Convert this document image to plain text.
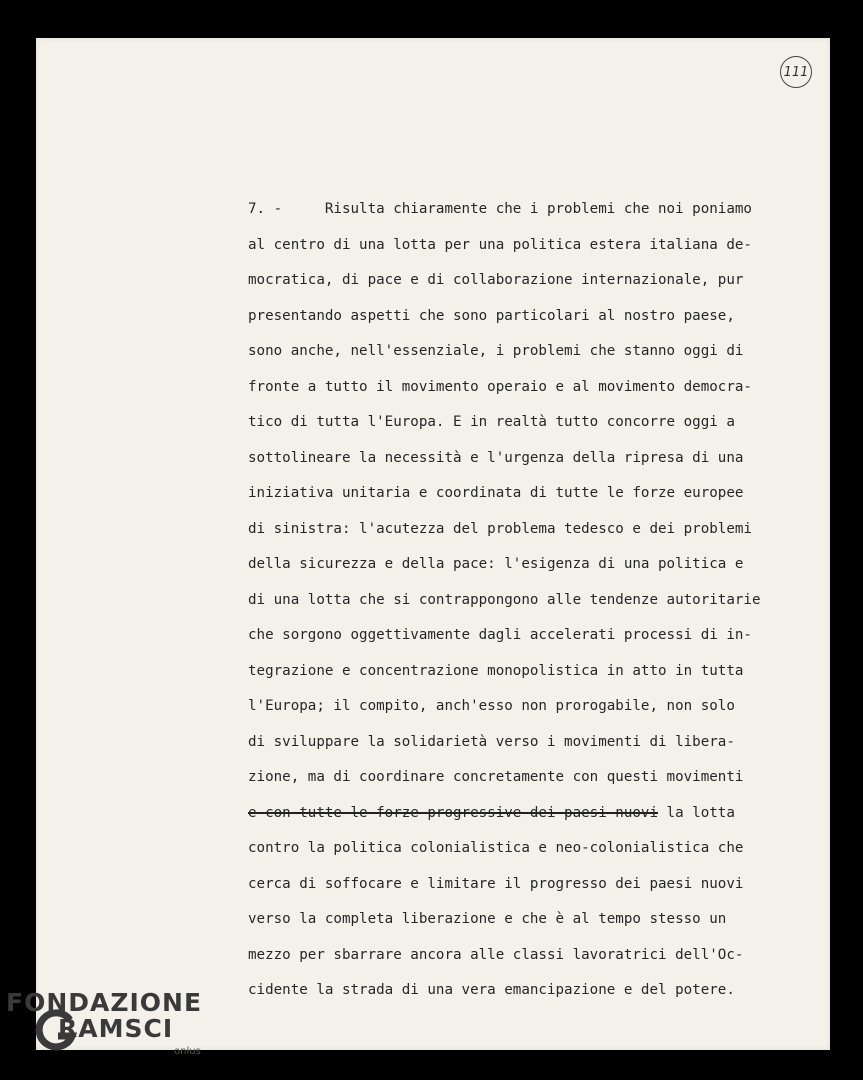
111
7. -     Risulta chiaramente che i problemi che noi poniamo
al centro di una lotta per una politica estera italiana de-
mocratica, di pace e di collaborazione internazionale, pur
presentando aspetti che sono particolari al nostro paese,
sono anche, nell'essenziale, i problemi che stanno oggi di
fronte a tutto il movimento operaio e al movimento democra-
tico di tutta l'Europa. E in realtà tutto concorre oggi a
sottolineare la necessità e l'urgenza della ripresa di una
iniziativa unitaria e coordinata di tutte le forze europee
di sinistra: l'acutezza del problema tedesco e dei problemi
della sicurezza e della pace: l'esigenza di una politica e
di una lotta che si contrappongono alle tendenze autoritarie
che sorgono oggettivamente dagli accelerati processi di in-
tegrazione e concentrazione monopolistica in atto in tutta
l'Europa; il compito, anch'esso non prorogabile, non solo
di sviluppare la solidarietà verso i movimenti di libera-
zione, ma di coordinare concretamente con questi movimenti
e con tutte le forze progressive dei paesi nuovi la lotta
contro la politica colonialistica e neo-colonialistica che
cerca di soffocare e limitare il progresso dei paesi nuovi
verso la completa liberazione e che è al tempo stesso un
mezzo per sbarrare ancora alle classi lavoratrici dell'Oc-
cidente la strada di una vera emancipazione e del potere.
FONDAZIONE
RAMSCI
onlus
